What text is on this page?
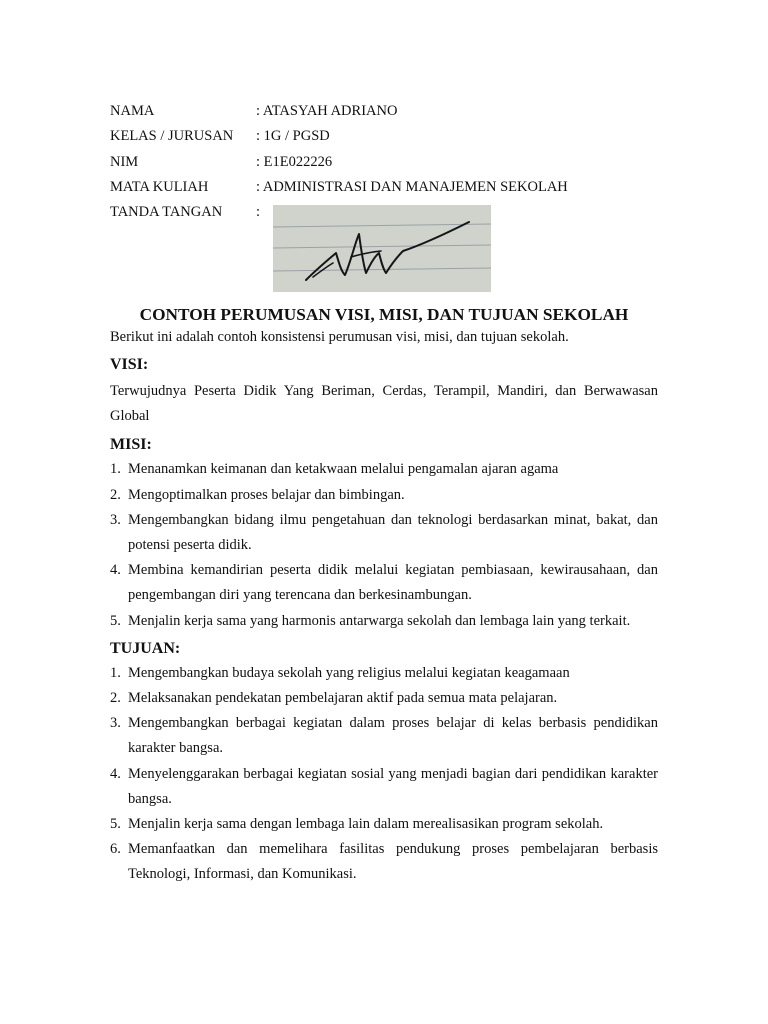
NAMA	: ATASYAH ADRIANO
KELAS / JURUSAN	: 1G / PGSD
NIM	: E1E022226
MATA KULIAH	: ADMINISTRASI DAN MANAJEMEN SEKOLAH
TANDA TANGAN	:
CONTOH PERUMUSAN VISI, MISI, DAN TUJUAN SEKOLAH

Berikut ini adalah contoh konsistensi perumusan visi, misi, dan tujuan sekolah.

VISI:

Terwujudnya Peserta Didik Yang Beriman, Cerdas, Terampil, Mandiri, dan Berwawasan Global

MISI:
1. Menanamkan keimanan dan ketakwaan melalui pengamalan ajaran agama
2. Mengoptimalkan proses belajar dan bimbingan.
3. Mengembangkan bidang ilmu pengetahuan dan teknologi berdasarkan minat, bakat, dan potensi peserta didik.
4. Membina kemandirian peserta didik melalui kegiatan pembiasaan, kewirausahaan, dan pengembangan diri yang terencana dan berkesinambungan.
5. Menjalin kerja sama yang harmonis antarwarga sekolah dan lembaga lain yang terkait.
TUJUAN:
1. Mengembangkan budaya sekolah yang religius melalui kegiatan keagamaan
2. Melaksanakan pendekatan pembelajaran aktif pada semua mata pelajaran.
3. Mengembangkan berbagai kegiatan dalam proses belajar di kelas berbasis pendidikan karakter bangsa.
4. Menyelenggarakan berbagai kegiatan sosial yang menjadi bagian dari pendidikan karakter bangsa.
5. Menjalin kerja sama dengan lembaga lain dalam merealisasikan program sekolah.
6. Memanfaatkan dan memelihara fasilitas pendukung proses pembelajaran berbasis Teknologi, Informasi, dan Komunikasi.
